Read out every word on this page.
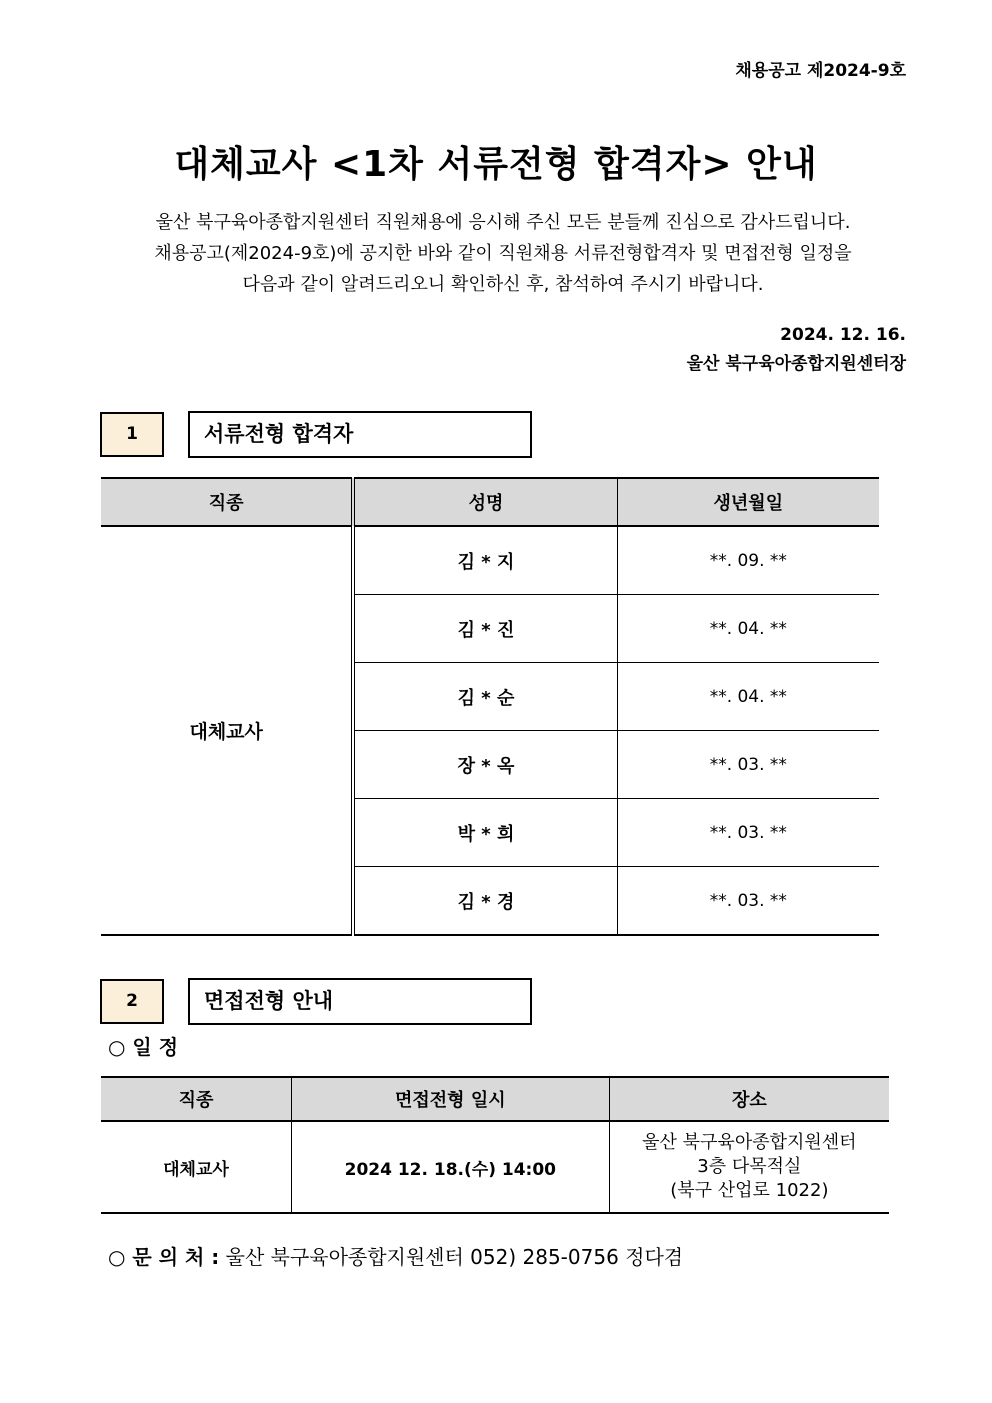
채용공고 제2024-9호
대체교사 <1차 서류전형 합격자> 안내
울산 북구육아종합지원센터 직원채용에 응시해 주신 모든 분들께 진심으로 감사드립니다.
채용공고(제2024-9호)에 공지한 바와 같이 직원채용 서류전형합격자 및 면접전형 일정을
다음과 같이 알려드리오니 확인하신 후, 참석하여 주시기 바랍니다.
2024. 12. 16.
울산 북구육아종합지원센터장
1	서류전형 합격자
직종	성명	생년월일
대체교사	김 * 지	**. 09. **
	김 * 진	**. 04. **
	김 * 순	**. 04. **
	장 * 옥	**. 03. **
	박 * 희	**. 03. **
	김 * 경	**. 03. **
2	면접전형 안내
○ 일 정
직종	면접전형 일시	장소
대체교사	2024 12. 18.(수) 14:00	울산 북구육아종합지원센터
3층 다목적실
(북구 산업로 1022)
○ 문 의 처 : 울산 북구육아종합지원센터 052) 285-0756 정다겸
